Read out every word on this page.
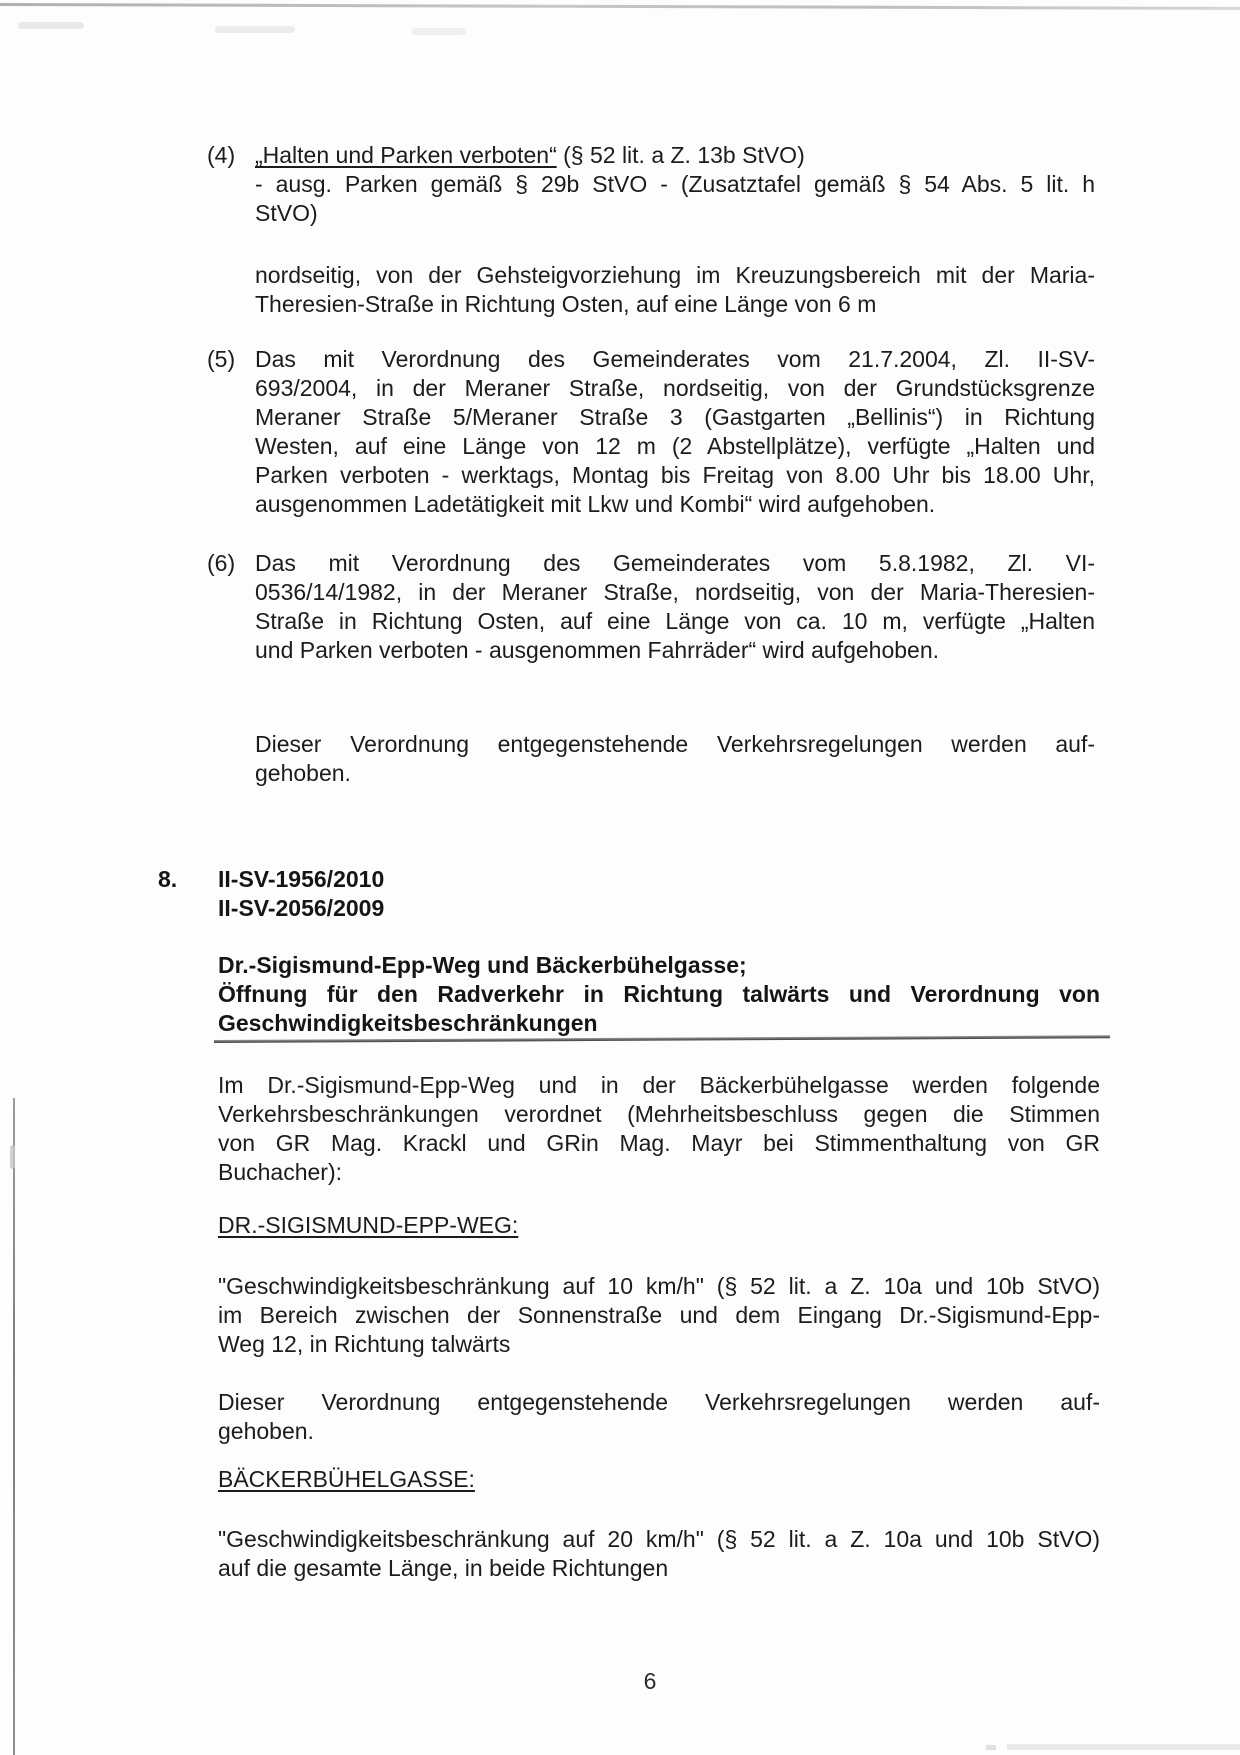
(4) „Halten und Parken verboten“ (§ 52 lit. a Z. 13b StVO)
- ausg. Parken gemäß § 29b StVO - (Zusatztafel gemäß § 54 Abs. 5 lit. h
StVO)
nordseitig, von der Gehsteigvorziehung im Kreuzungsbereich mit der Maria-
Theresien-Straße in Richtung Osten, auf eine Länge von 6 m
(5) Das mit Verordnung des Gemeinderates vom 21.7.2004, Zl. II-SV-
693/2004, in der Meraner Straße, nordseitig, von der Grundstücksgrenze
Meraner Straße 5/Meraner Straße 3 (Gastgarten „Bellinis“) in Richtung
Westen, auf eine Länge von 12 m (2 Abstellplätze), verfügte „Halten und
Parken verboten - werktags, Montag bis Freitag von 8.00 Uhr bis 18.00 Uhr,
ausgenommen Ladetätigkeit mit Lkw und Kombi“ wird aufgehoben.
(6) Das mit Verordnung des Gemeinderates vom 5.8.1982, Zl. VI-
0536/14/1982, in der Meraner Straße, nordseitig, von der Maria-Theresien-
Straße in Richtung Osten, auf eine Länge von ca. 10 m, verfügte „Halten
und Parken verboten - ausgenommen Fahrräder“ wird aufgehoben.
Dieser Verordnung entgegenstehende Verkehrsregelungen werden auf-
gehoben.
8.	II-SV-1956/2010
II-SV-2056/2009
Dr.-Sigismund-Epp-Weg und Bäckerbühelgasse;
Öffnung für den Radverkehr in Richtung talwärts und Verordnung von
Geschwindigkeitsbeschränkungen
Im Dr.-Sigismund-Epp-Weg und in der Bäckerbühelgasse werden folgende
Verkehrsbeschränkungen verordnet (Mehrheitsbeschluss gegen die Stimmen
von GR Mag. Krackl und GRin Mag. Mayr bei Stimmenthaltung von GR
Buchacher):
DR.-SIGISMUND-EPP-WEG:
"Geschwindigkeitsbeschränkung auf 10 km/h" (§ 52 lit. a Z. 10a und 10b StVO)
im Bereich zwischen der Sonnenstraße und dem Eingang Dr.-Sigismund-Epp-
Weg 12, in Richtung talwärts
Dieser Verordnung entgegenstehende Verkehrsregelungen werden auf-
gehoben.
BÄCKERBÜHELGASSE:
"Geschwindigkeitsbeschränkung auf 20 km/h" (§ 52 lit. a Z. 10a und 10b StVO)
auf die gesamte Länge, in beide Richtungen
6
